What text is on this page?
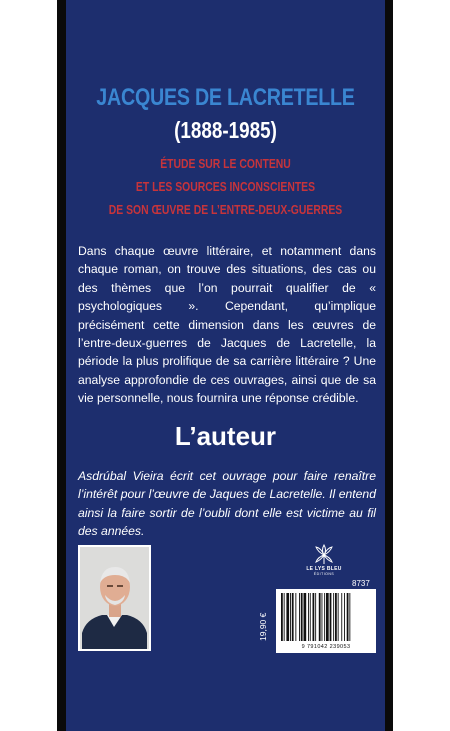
JACQUES DE LACRETELLE
(1888-1985)
ÉTUDE SUR LE CONTENU
ET LES SOURCES INCONSCIENTES
DE SON ŒUVRE DE L’ENTRE-DEUX-GUERRES
Dans chaque œuvre littéraire, et notamment dans chaque roman, on trouve des situations, des cas ou des thèmes que l’on pourrait qualifier de « psychologiques ». Cependant, qu’implique précisément cette dimension dans les œuvres de l’entre-deux-guerres de Jacques de Lacretelle, la période la plus prolifique de sa carrière littéraire ? Une analyse approfondie de ces ouvrages, ainsi que de sa vie personnelle, nous fournira une réponse crédible.
L’auteur
Asdrúbal Vieira écrit cet ouvrage pour faire renaître l’intérêt pour l’œuvre de Jaques de Lacretelle. Il entend ainsi la faire sortir de l’oubli dont elle est victime au fil des années.
LE LYS BLEU
ÉDITIONS
8737
19,90 €
9 791042 239053
